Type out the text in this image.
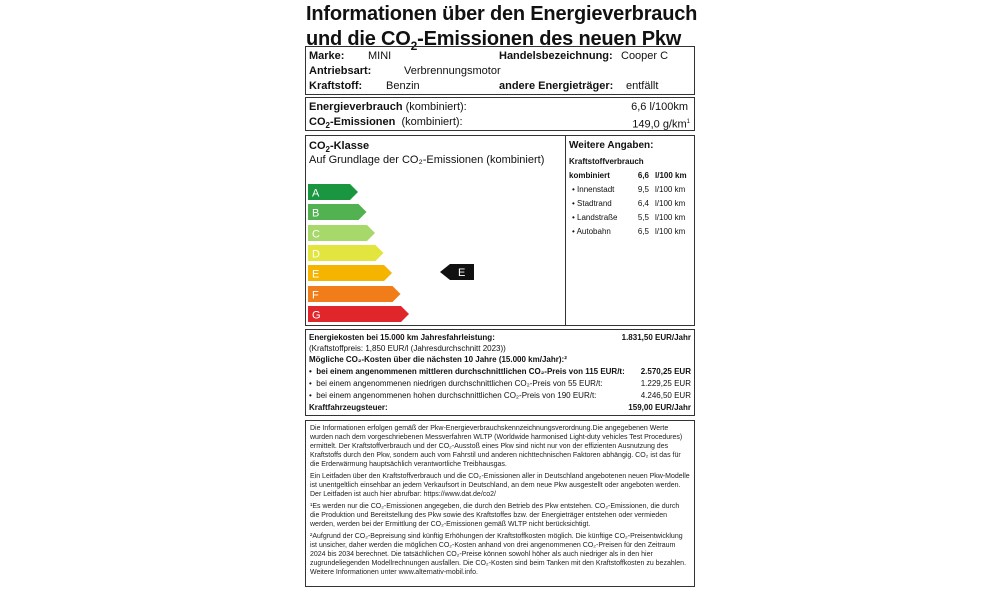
Informationen über den Energieverbrauch
und die $CO_2$-Emissionen des neuen Pkw
Marke: MINI	Handelsbezeichnung: Cooper C
Antriebsart:	Verbrennungsmotor
Kraftstoff: Benzin	andere Energieträger: entfällt
Energieverbrauch (kombiniert):	6,6 l/100km
$CO_2$-Emissionen (kombiniert):	149,0 $g/km^1$
$CO_2$-Klasse
Auf Grundlage der CO₂-Emissionen (kombiniert)
Weitere Angaben:
Kraftstoffverbrauch
kombiniert	6,6 l/100 km
• Innenstadt	9,5 l/100 km
• Stadtrand	6,4 l/100 km
• Landstraße	5,5 l/100 km
• Autobahn	6,5 l/100 km
A
B
C
D
E
F
G
E
Energiekosten bei 15.000 km Jahresfahrleistung:	1.831,50 EUR/Jahr
(Kraftstoffpreis: 1,850 EUR/l (Jahresdurchschnitt 2023))
Mögliche CO₂-Kosten über die nächsten 10 Jahre (15.000 km/Jahr):²
•  bei einem angenommenen mittleren durchschnittlichen CO₂-Preis von 115 EUR/t: 2.570,25 EUR
•  bei einem angenommenen niedrigen durchschnittlichen CO₂-Preis von 55 EUR/t:	1.229,25 EUR
•  bei einem angenommenen hohen durchschnittlichen CO₂-Preis von 190 EUR/t:	4.246,50 EUR
Kraftfahrzeugsteuer:	159,00 EUR/Jahr

Die Informationen erfolgen gemäß der Pkw-Energieverbrauchskennzeichnungsverordnung.Die angegebenen Werte wurden nach dem vorgeschriebenen Messverfahren WLTP (Worldwide harmonised Light-duty vehicles Test Procedures) ermittelt. Der Kraftstoffverbrauch und der CO₂-Ausstoß eines Pkw sind nicht nur von der effizienten Ausnutzung des Kraftstoffs durch den Pkw, sondern auch vom Fahrstil und anderen nichttechnischen Faktoren abhängig. CO₂ ist das für die Erderwärmung hauptsächlich verantwortliche Treibhausgas.

Ein Leitfaden über den Kraftstoffverbrauch und die CO₂-Emissionen aller in Deutschland angebotenen neuen Pkw-Modelle ist unentgeltlich einsehbar an jedem Verkaufsort in Deutschland, an dem neue Pkw ausgestellt oder angeboten werden. Der Leitfaden ist auch hier abrufbar: https://www.dat.de/co2/

¹Es werden nur die CO₂-Emissionen angegeben, die durch den Betrieb des Pkw entstehen. CO₂-Emissionen, die durch die Produktion und Bereitstellung des Pkw sowie des Kraftstoffes bzw. der Energieträger entstehen oder vermieden werden, werden bei der Ermittlung der CO₂-Emissionen gemäß WLTP nicht berücksichtigt.

²Aufgrund der CO₂-Bepreisung sind künftig Erhöhungen der Kraftstoffkosten möglich. Die künftige CO₂-Preisentwicklung ist unsicher, daher werden die möglichen CO₂-Kosten anhand von drei angenommenen CO₂-Preisen für den Zeitraum 2024 bis 2034 berechnet. Die tatsächlichen CO₂-Preise können sowohl höher als auch niedriger als in den hier zugrundeliegenden Modellrechnungen ausfallen. Die CO₂-Kosten sind beim Tanken mit den Kraftstoffkosten zu bezahlen. Weitere Informationen unter www.alternativ-mobil.info.
